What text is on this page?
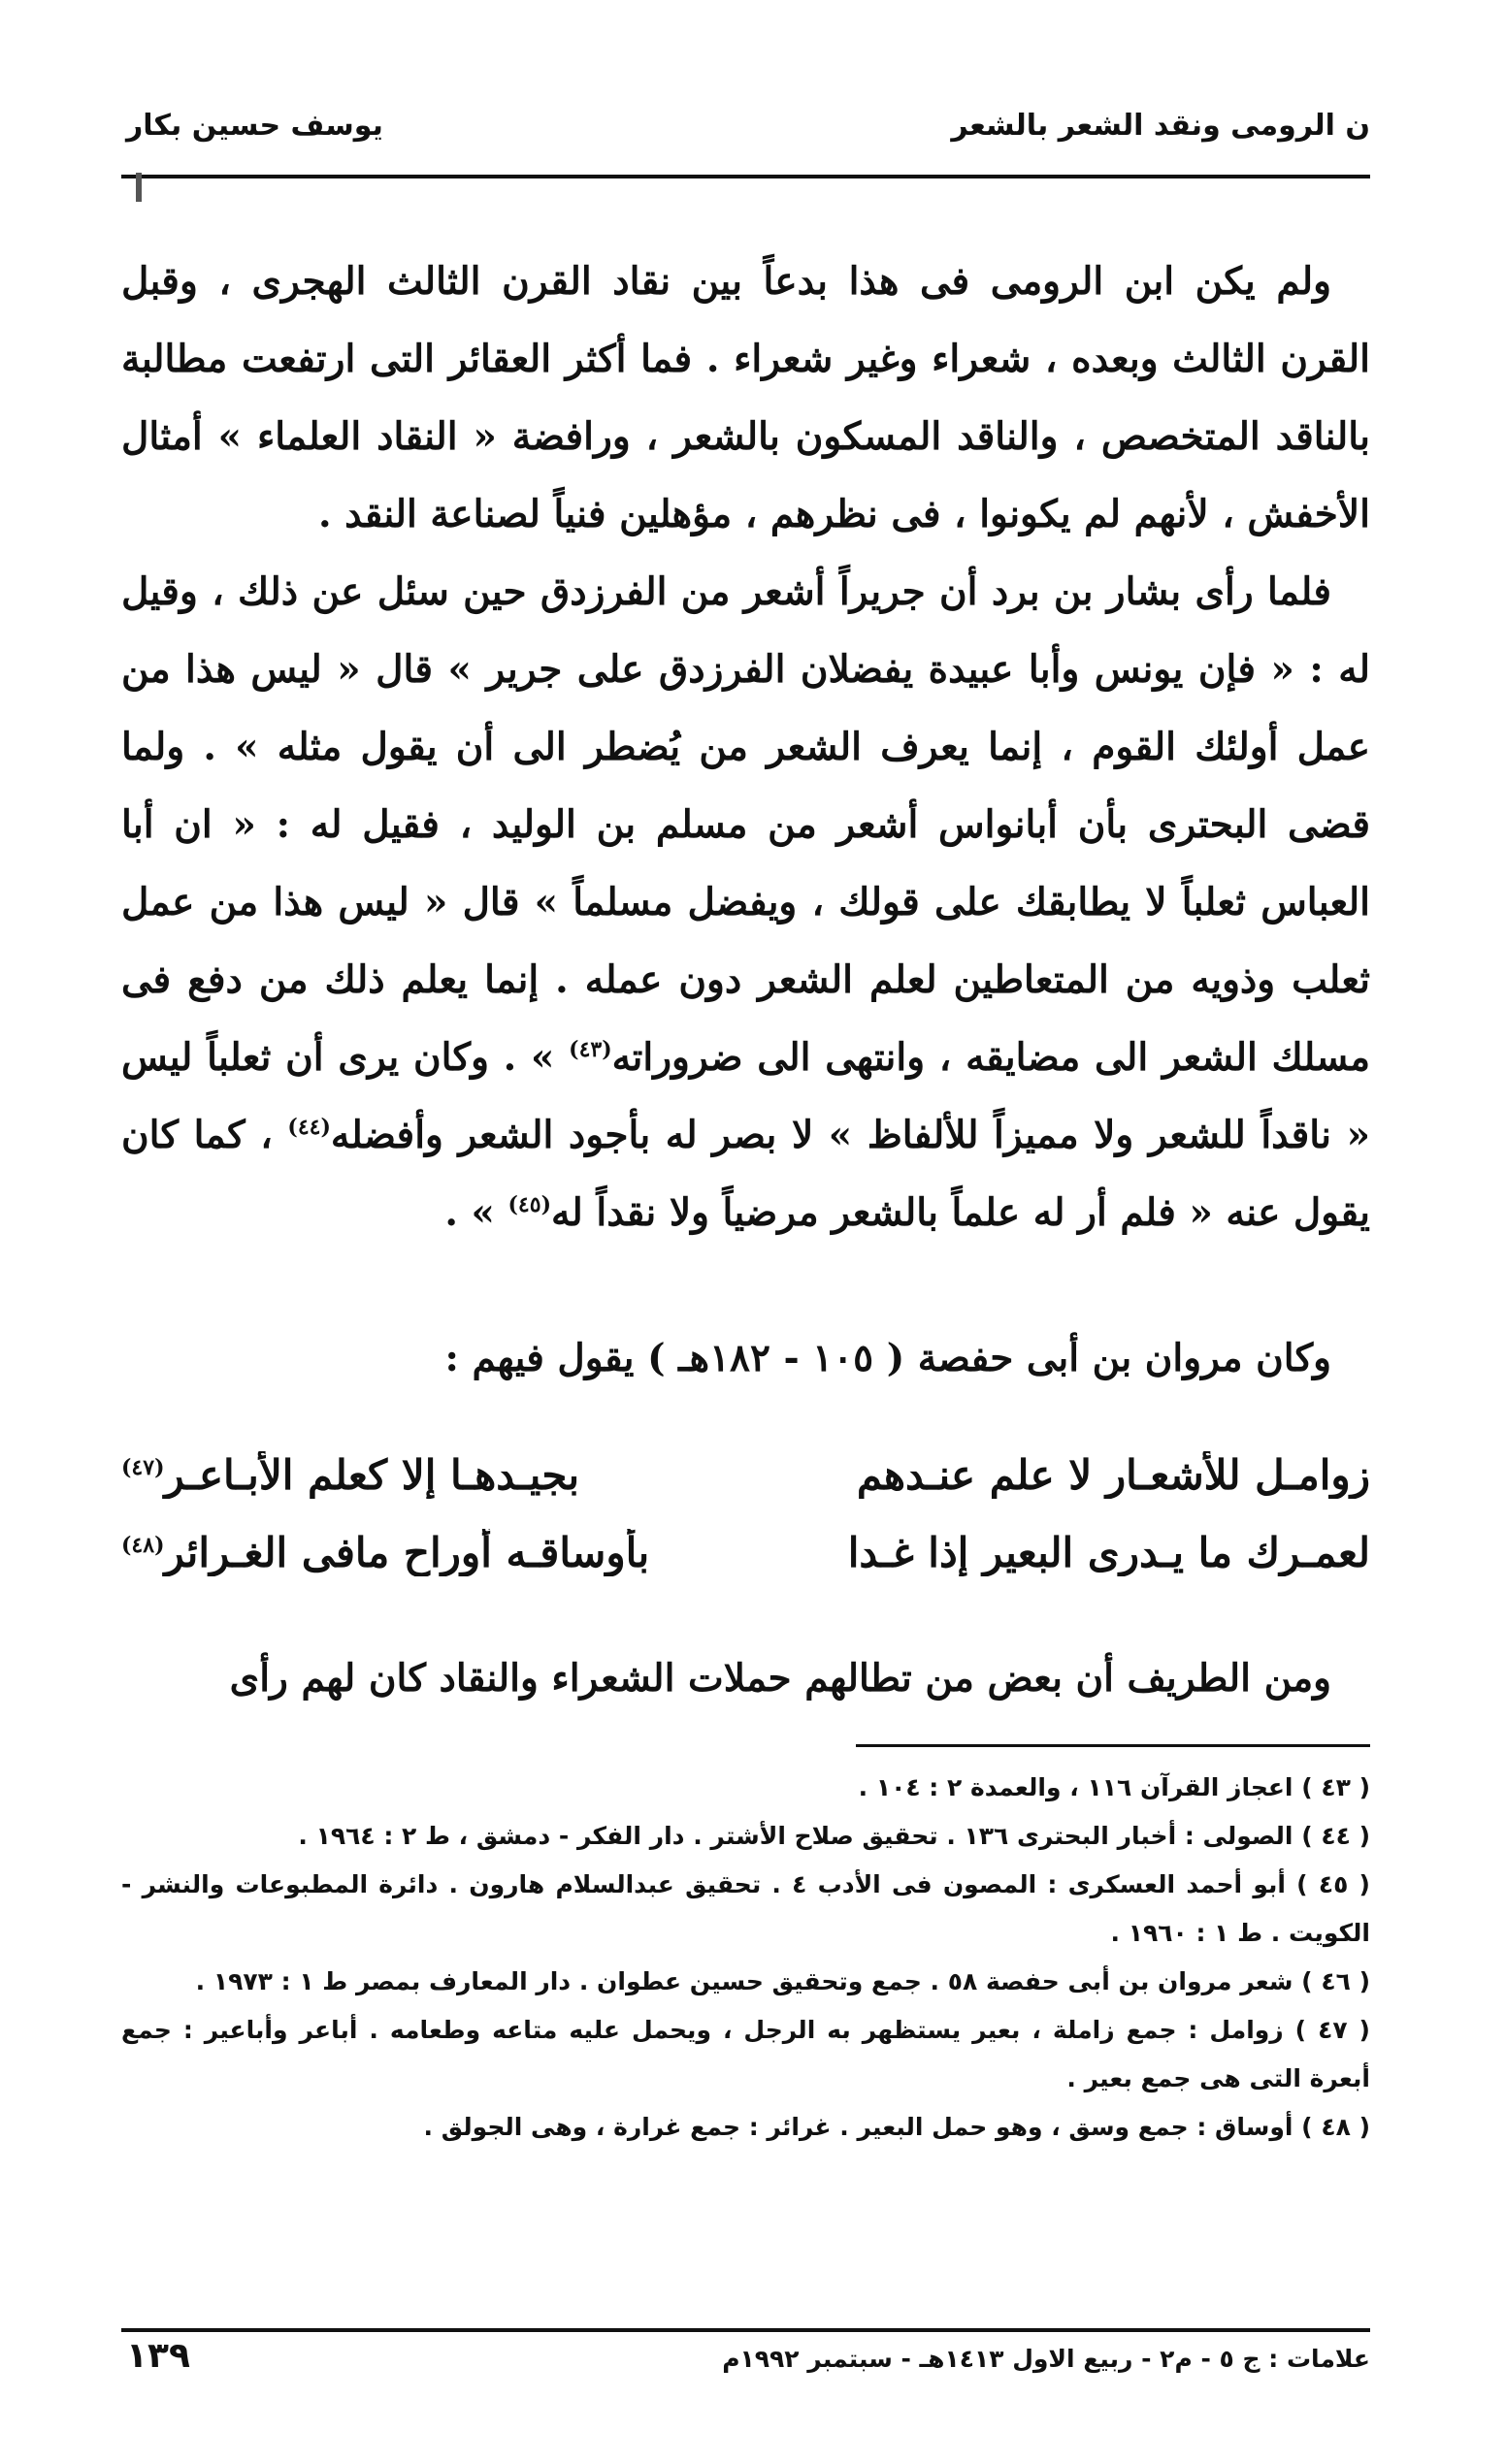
ن الرومى ونقد الشعر بالشعر
يوسف حسين بكار

ولم يكن ابن الرومى فى هذا بدعاً بين نقاد القرن الثالث الهجرى ، وقبل القرن الثالث وبعده ، شعراء وغير شعراء . فما أكثر العقائر التى ارتفعت مطالبة بالناقد المتخصص ، والناقد المسكون بالشعر ، ورافضة « النقاد العلماء » أمثال الأخفش ، لأنهم لم يكونوا ، فى نظرهم ، مؤهلين فنياً لصناعة النقد .

فلما رأى بشار بن برد أن جريراً أشعر من الفرزدق حين سئل عن ذلك ، وقيل له : « فإن يونس وأبا عبيدة يفضلان الفرزدق على جرير » قال « ليس هذا من عمل أولئك القوم ، إنما يعرف الشعر من يُضطر الى أن يقول مثله » . ولما قضى البحترى بأن أبانواس أشعر من مسلم بن الوليد ، فقيل له : « ان أبا العباس ثعلباً لا يطابقك على قولك ، ويفضل مسلماً » قال « ليس هذا من عمل ثعلب وذويه من المتعاطين لعلم الشعر دون عمله . إنما يعلم ذلك من دفع فى مسلك الشعر الى مضايقه ، وانتهى الى ضروراته$^{(٤٣)}$ » . وكان يرى أن ثعلباً ليس « ناقداً للشعر ولا مميزاً للألفاظ » لا بصر له بأجود الشعر وأفضله$^{(٤٤)}$ ، كما كان يقول عنه « فلم أر له علماً بالشعر مرضياً ولا نقداً له$^{(٤٥)}$ » .

وكان مروان بن أبى حفصة ( ١٠٥ - ١٨٢هـ ) يقول فيهم :
زوامـل للأشعـار لا علم عنـدهم
بجيـدهـا إلا كعلم الأبـاعـر$^{(٤٧)}$
لعمـرك ما يـدرى البعير إذا غـدا
بأوساقـه أوراح مافى الغـرائر$^{(٤٨)}$
ومن الطريف أن بعض من تطالهم حملات الشعراء والنقاد كان لهم رأى

( ٤٣ ) اعجاز القرآن ١١٦ ، والعمدة ٢ : ١٠٤ .

( ٤٤ ) الصولى : أخبار البحترى ١٣٦ . تحقيق صلاح الأشتر . دار الفكر - دمشق ، ط ٢ : ١٩٦٤ .

( ٤٥ ) أبو أحمد العسكرى : المصون فى الأدب ٤ . تحقيق عبدالسلام هارون . دائرة المطبوعات والنشر - الكويت . ط ١ : ١٩٦٠ .

( ٤٦ ) شعر مروان بن أبى حفصة ٥٨ . جمع وتحقيق حسين عطوان . دار المعارف بمصر ط ١ : ١٩٧٣ .

( ٤٧ ) زوامل : جمع زاملة ، بعير يستظهر به الرجل ، ويحمل عليه متاعه وطعامه . أباعر وأباعير : جمع أبعرة التى هى جمع بعير .

( ٤٨ ) أوساق : جمع وسق ، وهو حمل البعير . غرائر : جمع غرارة ، وهى الجولق .

علامات : ج ٥ - م٢ - ربيع الاول ١٤١٣هـ - سبتمبر ١٩٩٢م
١٣٩
